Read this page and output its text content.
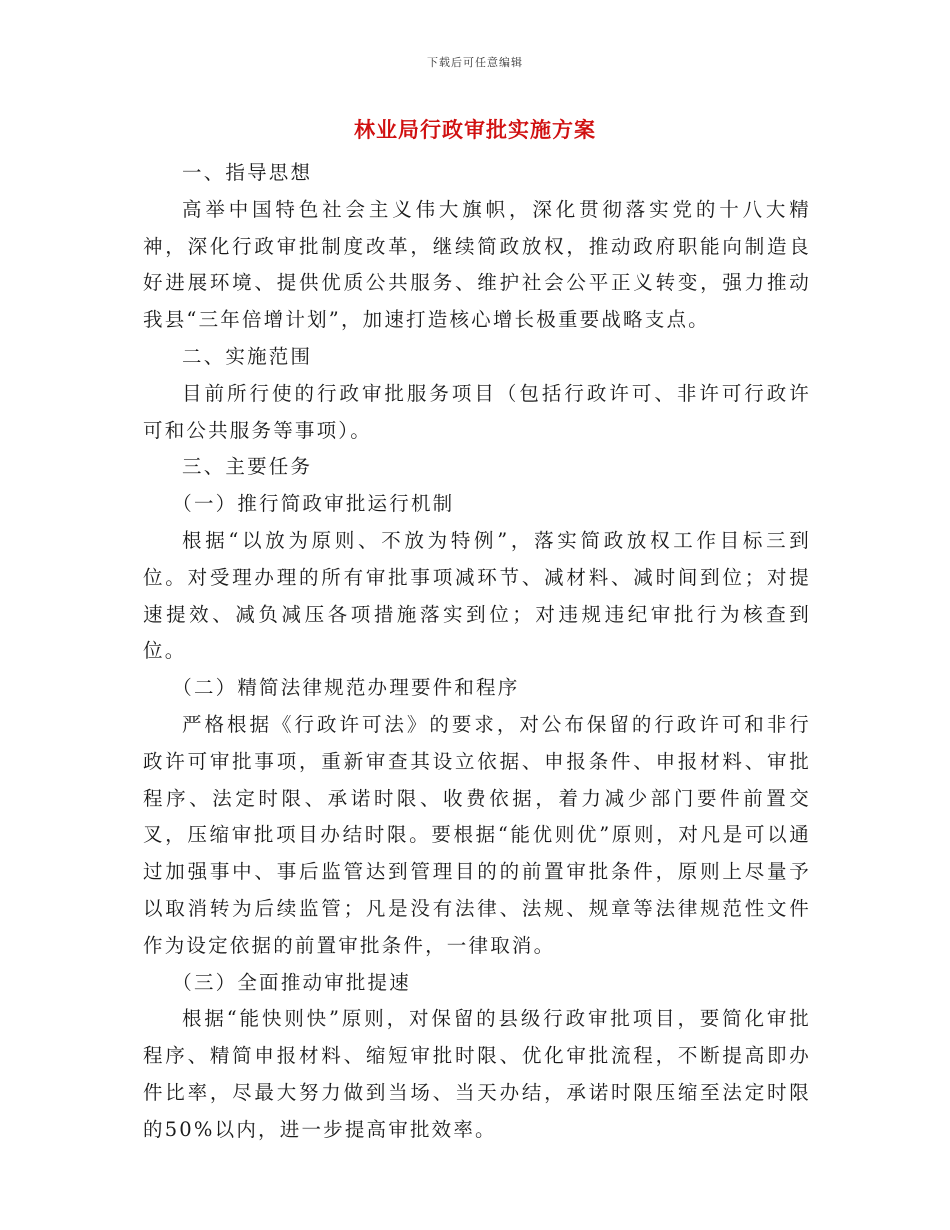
下载后可任意编辑
林业局行政审批实施方案

一、指导思想

高举中国特色社会主义伟大旗帜，深化贯彻落实党的十八大精神，深化行政审批制度改革，继续简政放权，推动政府职能向制造良好进展环境、提供优质公共服务、维护社会公平正义转变，强力推动我县“三年倍增计划”，加速打造核心增长极重要战略支点。

二、实施范围

目前所行使的行政审批服务项目（包括行政许可、非许可行政许可和公共服务等事项）。

三、主要任务

（一）推行简政审批运行机制

根据“以放为原则、不放为特例”，落实简政放权工作目标三到位。对受理办理的所有审批事项减环节、减材料、减时间到位；对提速提效、减负减压各项措施落实到位；对违规违纪审批行为核查到位。

（二）精简法律规范办理要件和程序

严格根据《行政许可法》的要求，对公布保留的行政许可和非行政许可审批事项，重新审查其设立依据、申报条件、申报材料、审批程序、法定时限、承诺时限、收费依据，着力减少部门要件前置交叉，压缩审批项目办结时限。要根据“能优则优”原则，对凡是可以通过加强事中、事后监管达到管理目的的前置审批条件，原则上尽量予以取消转为后续监管；凡是没有法律、法规、规章等法律规范性文件作为设定依据的前置审批条件，一律取消。

（三）全面推动审批提速

根据“能快则快”原则，对保留的县级行政审批项目，要简化审批程序、精简申报材料、缩短审批时限、优化审批流程，不断提高即办件比率，尽最大努力做到当场、当天办结，承诺时限压缩至法定时限的50%以内，进一步提高审批效率。
